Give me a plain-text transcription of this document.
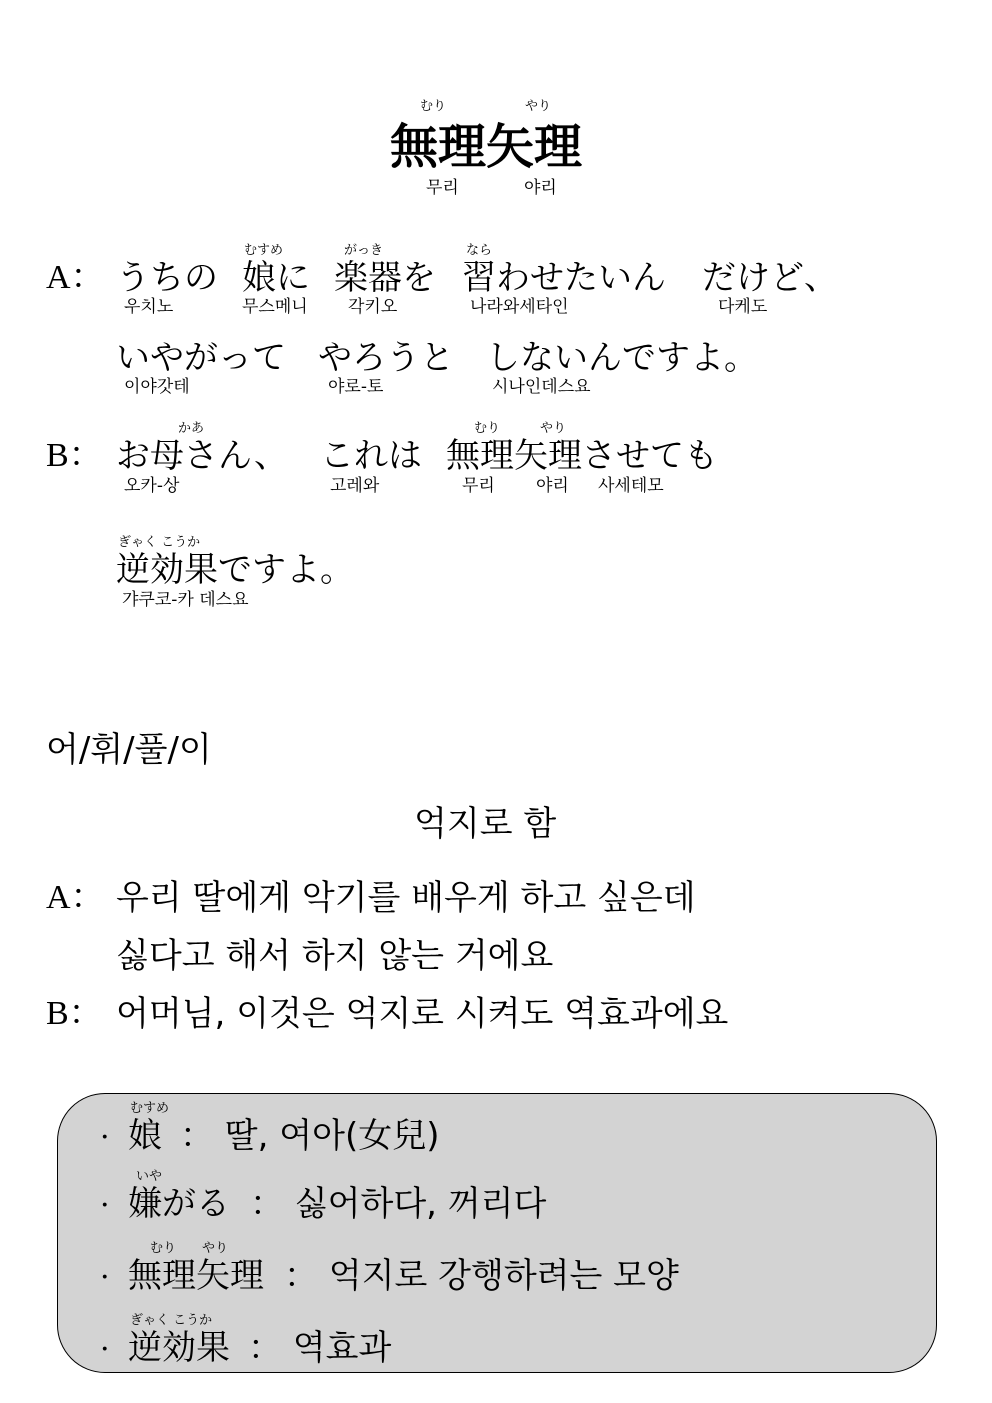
むり	やり
無理矢理
무리	야리
A：
むすめ	がっき	なら
うちの 娘に 楽器を 習わせたいん だけど、
우치노	무스메니 각키오	나라와세타인	다케도
いやがって やろうと しないんですよ。
이야갓테	야로-토	시나인데스요
B：
かあ	むり	やり
お母さん、 これは 無理矢理させても
오카-상	고레와	무리 야리 사세테모
ぎゃく こうか
逆効果ですよ。
갸쿠코-카 데스요
어/휘/풀/이
억지로 함
A： 우리 딸에게 악기를 배우게 하고 싶은데
싫다고 해서 하지 않는 거에요
B： 어머님, 이것은 억지로 시켜도 역효과에요
·
むすめ
娘 ： 딸, 여아(女兒)
·
いや
嫌がる ： 싫어하다, 꺼리다
·
むり　　やり
無理矢理 ： 억지로 강행하려는 모양
·
ぎゃく こうか
逆効果 ： 역효과
